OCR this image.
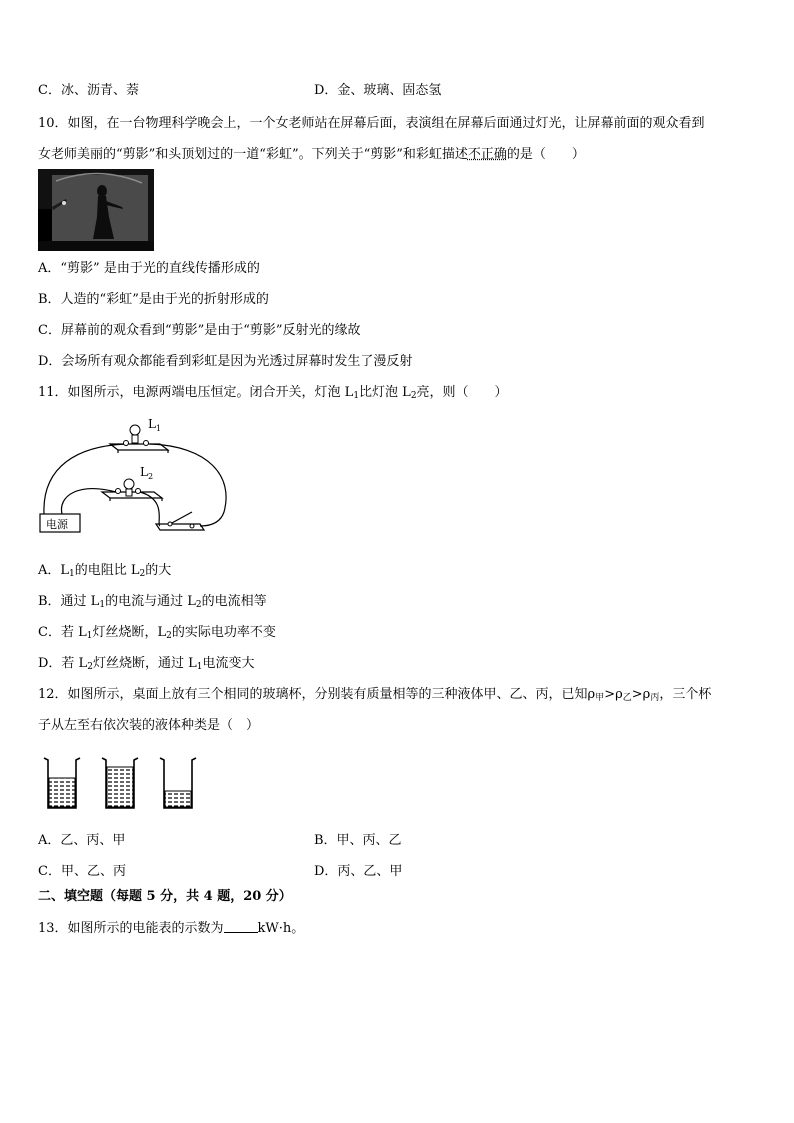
C．冰、沥青、萘	D．金、玻璃、固态氢
10．如图，在一台物理科学晚会上，一个女老师站在屏幕后面，表演组在屏幕后面通过灯光，让屏幕前面的观众看到
女老师美丽的“剪影”和头顶划过的一道“彩虹”。下列关于“剪影”和彩虹描述不正确的是（　　）
A．“剪影” 是由于光的直线传播形成的
B．人造的“彩虹”是由于光的折射形成的
C．屏幕前的观众看到“剪影”是由于“剪影”反射光的缘故
D．会场所有观众都能看到彩虹是因为光透过屏幕时发生了漫反射
11．如图所示，电源两端电压恒定。闭合开关，灯泡 $L_1$比灯泡 $L_2$亮，则（　　）
$L_1$
$L_2$
电源
A．$L_1$的电阻比 $L_2$的大
B．通过 $L_1$的电流与通过 $L_2$的电流相等
C．若 $L_1$灯丝烧断，$L_2$的实际电功率不变
D．若 $L_2$灯丝烧断，通过 $L_1$电流变大
12．如图所示，桌面上放有三个相同的玻璃杯，分别装有质量相等的三种液体甲、乙、丙，已知$\rho_甲>\rho_乙>\rho_丙$，三个杯
子从左至右依次装的液体种类是（　）
A．乙、丙、甲	B．甲、丙、乙
C．甲、乙、丙	D．丙、乙、甲
二、填空题（每题 5 分，共 4 题，20 分）
13．如图所示的电能表的示数为	kW·h。
